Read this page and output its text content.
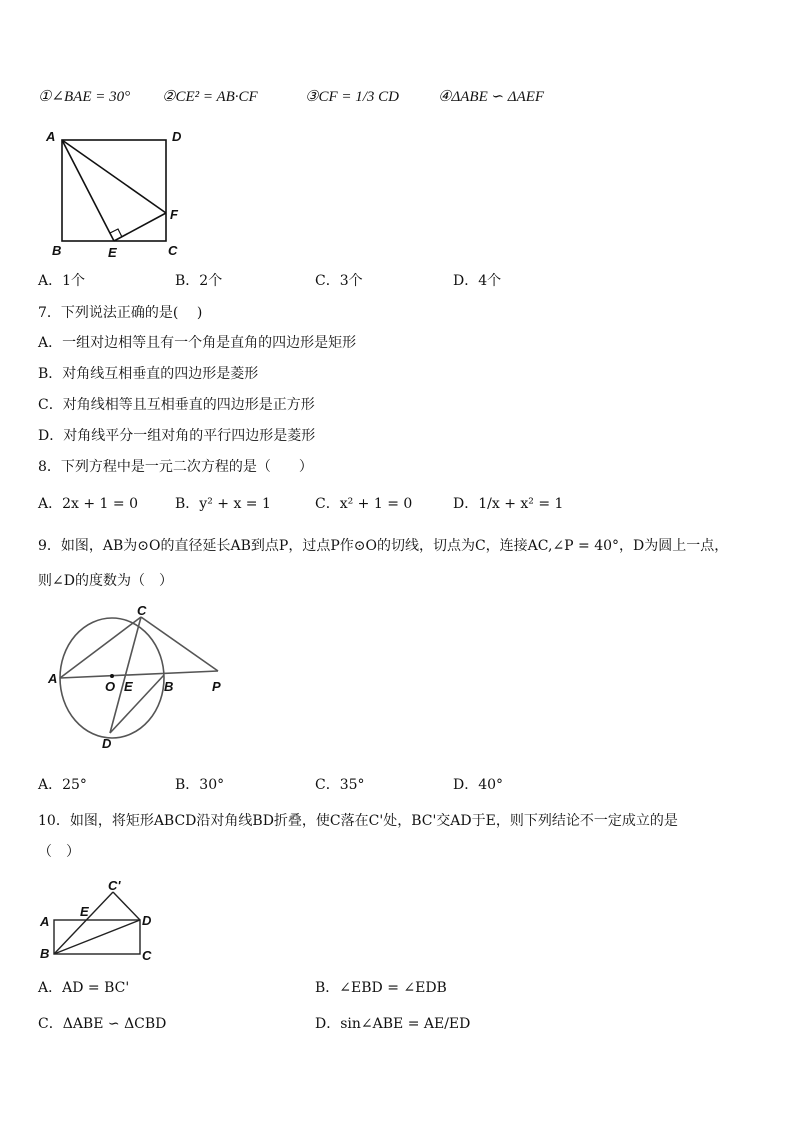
①∠BAE = 30° ②CE² = AB·CF	③CF = 1/3 CD	④ΔABE ∽ ΔAEF
A	D
F
B	E	C
A．1个	B．2个	C．3个	D．4个
7．下列说法正确的是(　 )
A．一组对边相等且有一个角是直角的四边形是矩形
B．对角线互相垂直的四边形是菱形
C．对角线相等且互相垂直的四边形是正方形
D．对角线平分一组对角的平行四边形是菱形
8．下列方程中是一元二次方程的是（　　）
A．2x + 1 = 0	B．y² + x = 1	C．x² + 1 = 0	D．1/x + x² = 1
9．如图，AB为⊙O的直径延长AB到点P，过点P作⊙O的切线，切点为C，连接AC,∠P = 40°，D为圆上一点，
则∠D的度数为（　）
A
C
O E B	P
D
A．25°	B．30°	C．35°	D．40°
10．如图，将矩形ABCD沿对角线BD折叠，使C落在C'处，BC'交AD于E，则下列结论不一定成立的是
（　）
C'
E
A	D
B	C
A．AD = BC'	B．∠EBD = ∠EDB
C．ΔABE ∽ ΔCBD	D．sin∠ABE = AE/ED
